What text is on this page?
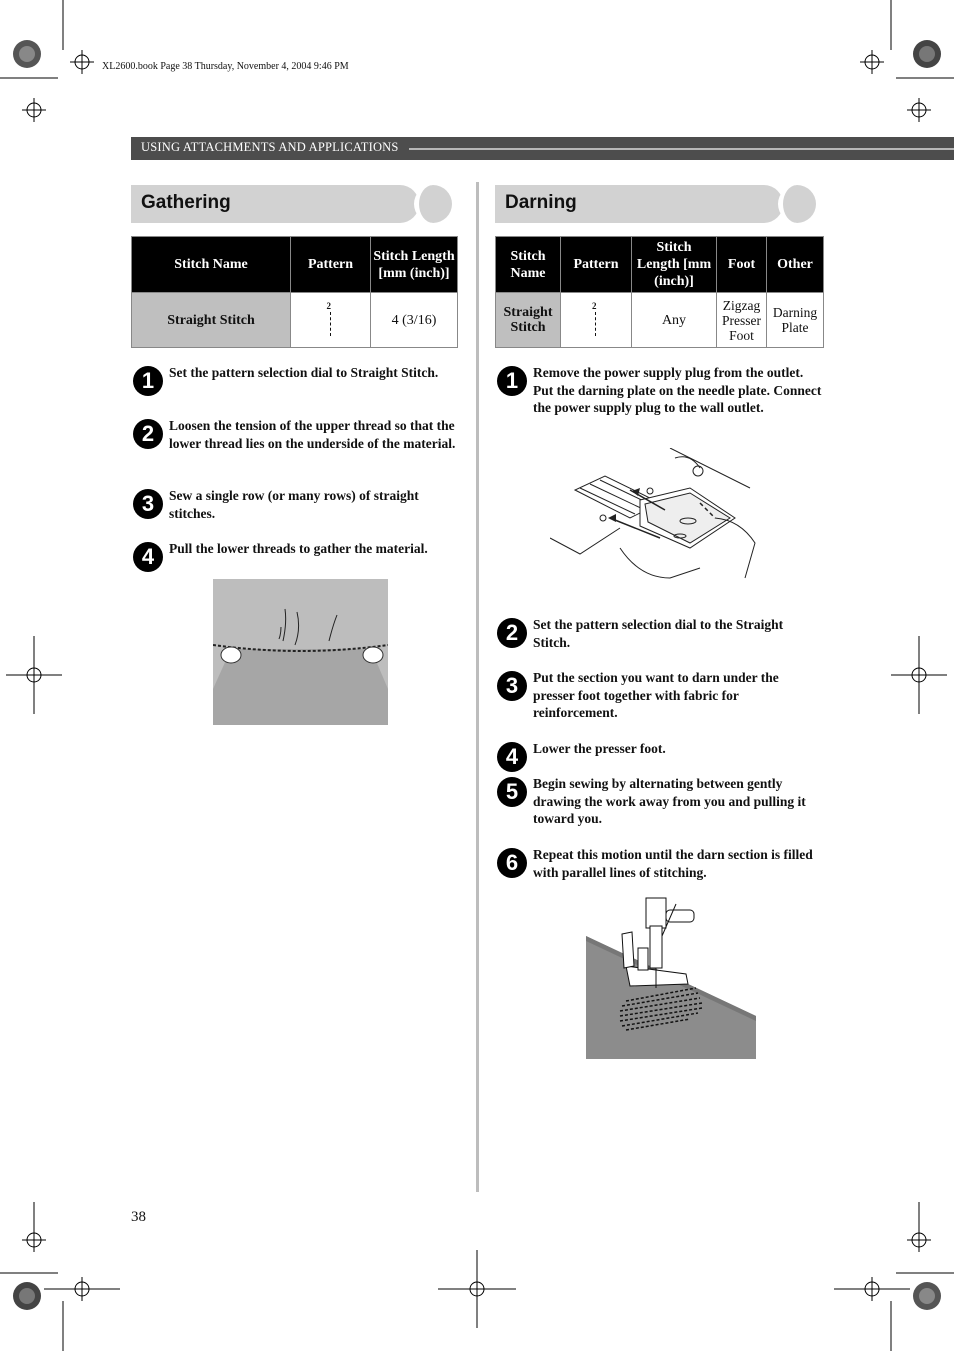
XL2600.book Page 38 Thursday, November 4, 2004 9:46 PM
USING ATTACHMENTS AND APPLICATIONS
Gathering
Stitch Name	Pattern	Stitch Length [mm (inch)]
Straight Stitch	2	4 (3/16)
1	Set the pattern selection dial to Straight Stitch.
2	Loosen the tension of the upper thread so that the lower thread lies on the underside of the material.
3	Sew a single row (or many rows) of straight stitches.
4	Pull the lower threads to gather the material.
Darning
Stitch Name	Pattern	Stitch Length [mm (inch)]	Foot	Other
Straight Stitch	2	Any	Zigzag Presser Foot	Darning Plate
1	Remove the power supply plug from the outlet. Put the darning plate on the needle plate. Connect the power supply plug to the wall outlet.
2	Set the pattern selection dial to the Straight Stitch.
3	Put the section you want to darn under the presser foot together with fabric for reinforcement.
4	Lower the presser foot.
5	Begin sewing by alternating between gently drawing the work away from you and pulling it toward you.
6	Repeat this motion until the darn section is filled with parallel lines of stitching.
38
